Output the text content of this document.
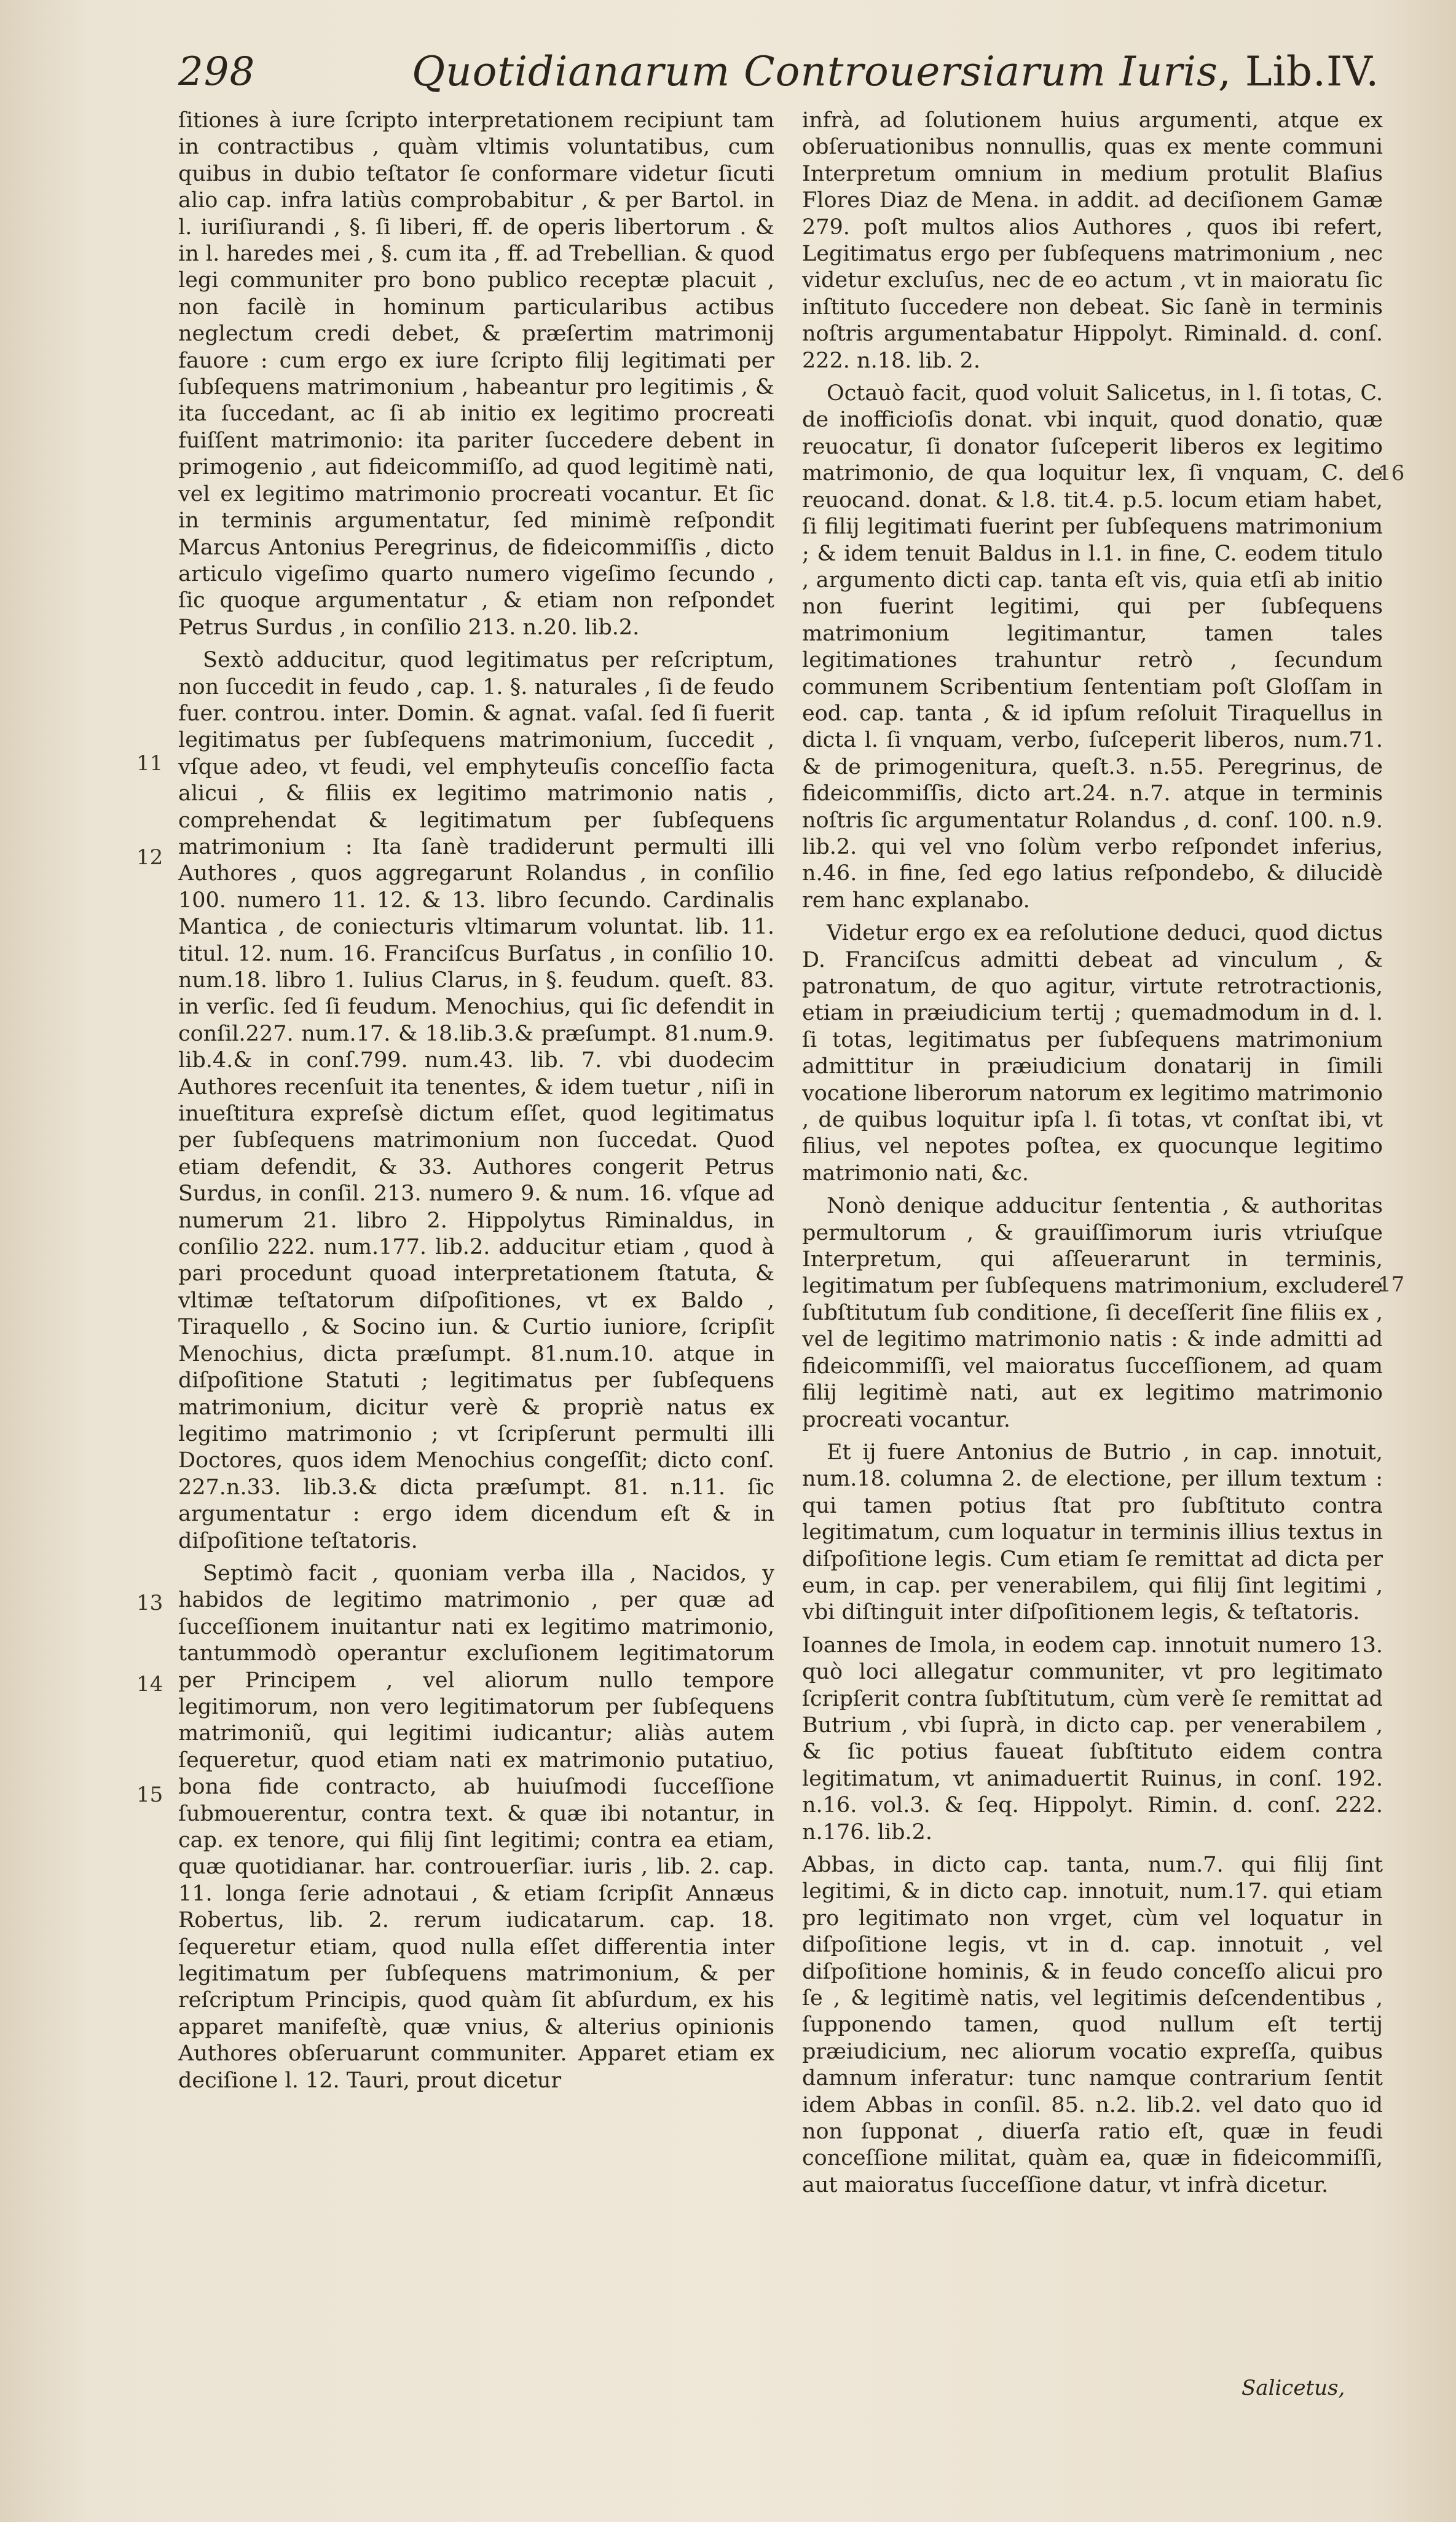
298	Quotidianarum Controuersiarum Iuris, Lib.IV.

ſitiones à iure ſcripto interpretationem recipiunt tam in contractibus , quàm vltimis voluntatibus, cum quibus in dubio teſtator ſe conformare videtur ſicuti alio cap. infra latiùs comprobabitur , & per Bartol. in l. iuriſiurandi , §. ſi liberi, ff. de operis libertorum . & in l. haredes mei , §. cum ita , ff. ad Trebellian. & quod legi communiter pro bono publico receptæ placuit , non facilè in hominum particularibus actibus neglectum credi debet, & præſertim matrimonij fauore : cum ergo ex iure ſcripto filij legitimati per ſubſequens matrimonium , habeantur pro legitimis , & ita ſuccedant, ac ſi ab initio ex legitimo procreati fuiſſent matrimonio: ita pariter ſuccedere debent in primogenio , aut fideicommiſſo, ad quod legitimè nati, vel ex legitimo matrimonio procreati vocantur. Et ſic in terminis argumentatur, ſed minimè reſpondit Marcus Antonius Peregrinus, de fideicommiſſis , dicto articulo vigeſimo quarto numero vigeſimo ſecundo , ſic quoque argumentatur , & etiam non reſpondet Petrus Surdus , in conſilio 213. n.20. lib.2.

Sextò adducitur, quod legitimatus per reſcriptum, non ſuccedit in feudo , cap. 1. §. naturales , ſi de feudo fuer. controu. inter. Domin. & agnat. vaſal. ſed ſi fuerit legitimatus per ſubſequens matrimonium, ſuccedit , vſque adeo, vt feudi, vel emphyteuſis conceſſio facta alicui , & filiis ex legitimo matrimonio natis , comprehendat & legitimatum per ſubſequens matrimonium : Ita ſanè tradiderunt permulti illi Authores , quos aggregarunt Rolandus , in conſilio 100. numero 11. 12. & 13. libro ſecundo. Cardinalis Mantica , de coniecturis vltimarum voluntat. lib. 11. titul. 12. num. 16. Franciſcus Burſatus , in conſilio 10. num.18. libro 1. Iulius Clarus, in §. feudum. queſt. 83. in verſic. ſed ſi feudum. Menochius, qui ſic defendit in conſil.227. num.17. & 18.lib.3.& præſumpt. 81.num.9. lib.4.& in conſ.799. num.43. lib. 7. vbi duodecim Authores recenſuit ita tenentes, & idem tuetur , niſi in inueſtitura expreſsè dictum eſſet, quod legitimatus per ſubſequens matrimonium non ſuccedat. Quod etiam defendit, & 33. Authores congerit Petrus Surdus, in conſil. 213. numero 9. & num. 16. vſque ad numerum 21. libro 2. Hippolytus Riminaldus, in conſilio 222. num.177. lib.2. adducitur etiam , quod à pari procedunt quoad interpretationem ſtatuta, & vltimæ teſtatorum diſpoſitiones, vt ex Baldo , Tiraquello , & Socino iun. & Curtio iuniore, ſcripſit Menochius, dicta præſumpt. 81.num.10. atque in diſpoſitione Statuti ; legitimatus per ſubſequens matrimonium, dicitur verè & propriè natus ex legitimo matrimonio ; vt ſcripſerunt permulti illi Doctores, quos idem Menochius congeſſit; dicto conſ. 227.n.33. lib.3.& dicta præſumpt. 81. n.11. ſic argumentatur : ergo idem dicendum eſt & in diſpoſitione teſtatoris.

Septimò facit , quoniam verba illa , Nacidos, y habidos de legitimo matrimonio , per quæ ad ſucceſſionem inuitantur nati ex legitimo matrimonio, tantummodò operantur excluſionem legitimatorum per Principem , vel aliorum nullo tempore legitimorum, non vero legitimatorum per ſubſequens matrimoniũ, qui legitimi iudicantur; aliàs autem ſequeretur, quod etiam nati ex matrimonio putatiuo, bona fide contracto, ab huiuſmodi ſucceſſione ſubmouerentur, contra text. & quæ ibi notantur, in cap. ex tenore, qui filij ſint legitimi; contra ea etiam, quæ quotidianar. har. controuerſiar. iuris , lib. 2. cap. 11. longa ſerie adnotaui , & etiam ſcripſit Annæus Robertus, lib. 2. rerum iudicatarum. cap. 18. ſequeretur etiam, quod nulla eſſet differentia inter legitimatum per ſubſequens matrimonium, & per reſcriptum Principis, quod quàm ſit abſurdum, ex his apparet manifeſtè, quæ vnius, & alterius opinionis Authores obſeruarunt communiter. Apparet etiam ex deciſione l. 12. Tauri, prout dicetur

infrà, ad ſolutionem huius argumenti, atque ex obſeruationibus nonnullis, quas ex mente communi Interpretum omnium in medium protulit Blaſius Flores Diaz de Mena. in addit. ad deciſionem Gamæ 279. poſt multos alios Authores , quos ibi refert, Legitimatus ergo per ſubſequens matrimonium , nec videtur excluſus, nec de eo actum , vt in maioratu ſic inſtituto ſuccedere non debeat. Sic ſanè in terminis noſtris argumentabatur Hippolyt. Riminald. d. conſ. 222. n.18. lib. 2.

Octauò facit, quod voluit Salicetus, in l. ſi totas, C. de inofficioſis donat. vbi inquit, quod donatio, quæ reuocatur, ſi donator ſuſceperit liberos ex legitimo matrimonio, de qua loquitur lex, ſi vnquam, C. de reuocand. donat. & l.8. tit.4. p.5. locum etiam habet, ſi filij legitimati fuerint per ſubſequens matrimonium ; & idem tenuit Baldus in l.1. in fine, C. eodem titulo , argumento dicti cap. tanta eſt vis, quia etſi ab initio non fuerint legitimi, qui per ſubſequens matrimonium legitimantur, tamen tales legitimationes trahuntur retrò , ſecundum communem Scribentium ſententiam poſt Gloſſam in eod. cap. tanta , & id ipſum reſoluit Tiraquellus in dicta l. ſi vnquam, verbo, ſuſceperit liberos, num.71. & de primogenitura, queſt.3. n.55. Peregrinus, de fideicommiſſis, dicto art.24. n.7. atque in terminis noſtris ſic argumentatur Rolandus , d. conſ. 100. n.9. lib.2. qui vel vno ſolùm verbo reſpondet inferius, n.46. in fine, ſed ego latius reſpondebo, & dilucidè rem hanc explanabo.

Videtur ergo ex ea reſolutione deduci, quod dictus D. Franciſcus admitti debeat ad vinculum , & patronatum, de quo agitur, virtute retrotractionis, etiam in præiudicium tertij ; quemadmodum in d. l. ſi totas, legitimatus per ſubſequens matrimonium admittitur in præiudicium donatarij in ſimili vocatione liberorum natorum ex legitimo matrimonio , de quibus loquitur ipſa l. ſi totas, vt conſtat ibi, vt filius, vel nepotes poſtea, ex quocunque legitimo matrimonio nati, &c.

Nonò denique adducitur ſententia , & authoritas permultorum , & grauiſſimorum iuris vtriuſque Interpretum, qui aſſeuerarunt in terminis, legitimatum per ſubſequens matrimonium, excludere ſubſtitutum ſub conditione, ſi deceſſerit ſine filiis ex , vel de legitimo matrimonio natis : & inde admitti ad fideicommiſſi, vel maioratus ſucceſſionem, ad quam filij legitimè nati, aut ex legitimo matrimonio procreati vocantur.

Et ij fuere Antonius de Butrio , in cap. innotuit, num.18. columna 2. de electione, per illum textum : qui tamen potius ſtat pro ſubſtituto contra legitimatum, cum loquatur in terminis illius textus in diſpoſitione legis. Cum etiam ſe remittat ad dicta per eum, in cap. per venerabilem, qui filij ſint legitimi , vbi diſtinguit inter diſpoſitionem legis, & teſtatoris.

Ioannes de Imola, in eodem cap. innotuit numero 13. quò loci allegatur communiter, vt pro legitimato ſcripſerit contra ſubſtitutum, cùm verè ſe remittat ad Butrium , vbi ſuprà, in dicto cap. per venerabilem , & ſic potius faueat ſubſtituto eidem contra legitimatum, vt animaduertit Ruinus, in conſ. 192. n.16. vol.3. & ſeq. Hippolyt. Rimin. d. conſ. 222. n.176. lib.2.

Abbas, in dicto cap. tanta, num.7. qui filij ſint legitimi, & in dicto cap. innotuit, num.17. qui etiam pro legitimato non vrget, cùm vel loquatur in diſpoſitione legis, vt in d. cap. innotuit , vel diſpoſitione hominis, & in feudo conceſſo alicui pro ſe , & legitimè natis, vel legitimis deſcendentibus , ſupponendo tamen, quod nullum eſt tertij præiudicium, nec aliorum vocatio expreſſa, quibus damnum inferatur: tunc namque contrarium ſentit idem Abbas in conſil. 85. n.2. lib.2. vel dato quo id non ſupponat , diuerſa ratio eſt, quæ in feudi conceſſione militat, quàm ea, quæ in fideicommiſſi, aut maioratus ſucceſſione datur, vt infrà dicetur.

11
12
13
14
15
16
17
Salicetus,
